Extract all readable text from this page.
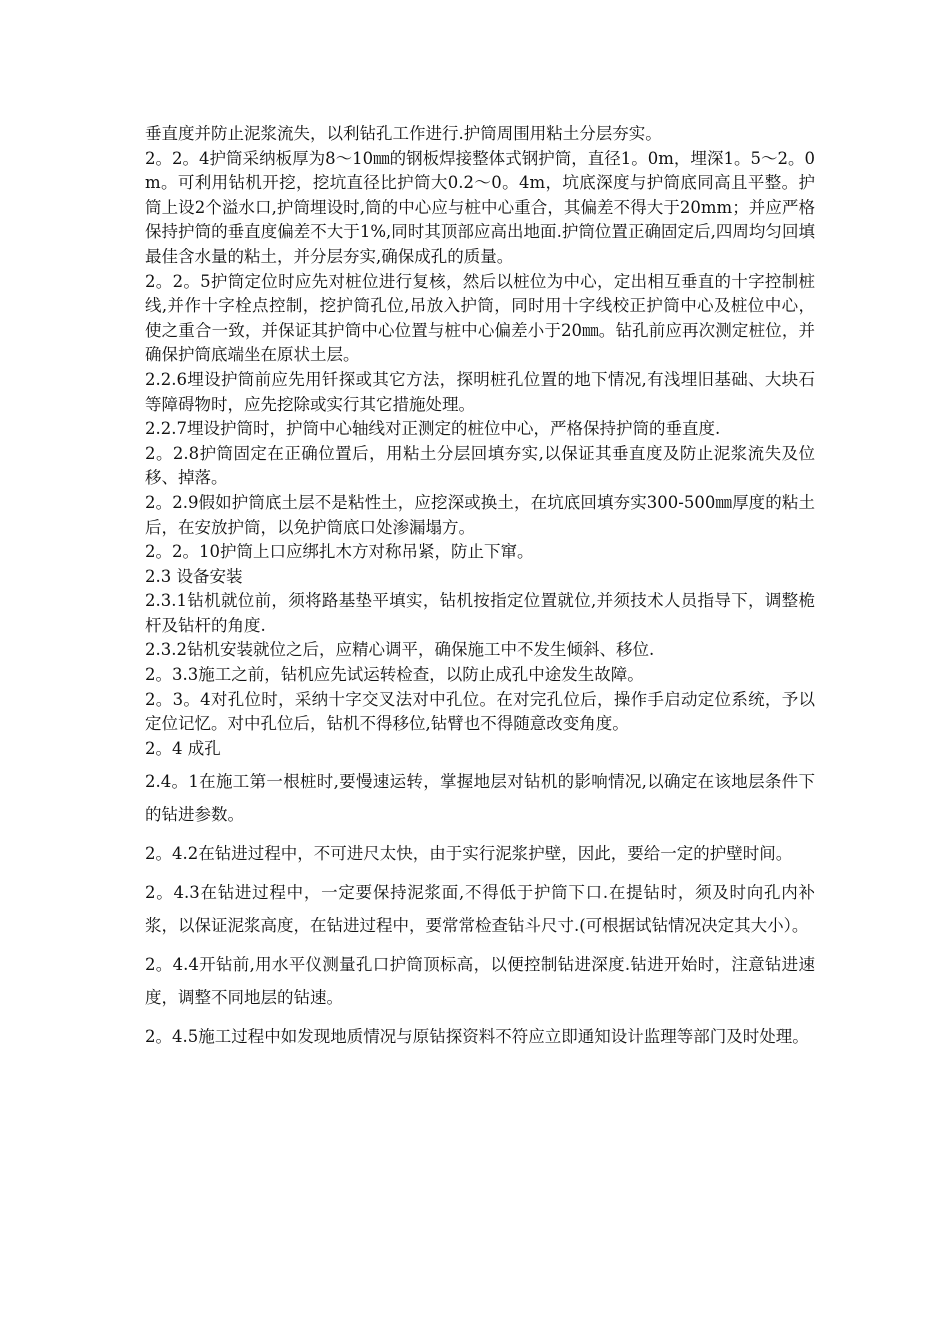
垂直度并防止泥浆流失，以利钻孔工作进行.护筒周围用粘土分层夯实。

2。2。4护筒采纳板厚为8～10㎜的钢板焊接整体式钢护筒，直径1。0m，埋深1。5～2。0m。可利用钻机开挖，挖坑直径比护筒大0.2～0。4m，坑底深度与护筒底同高且平整。护筒上设2个溢水口,护筒埋设时,筒的中心应与桩中心重合，其偏差不得大于20mm；并应严格保持护筒的垂直度偏差不大于1%,同时其顶部应高出地面.护筒位置正确固定后,四周均匀回填最佳含水量的粘土，并分层夯实,确保成孔的质量。

2。2。5护筒定位时应先对桩位进行复核，然后以桩位为中心，定出相互垂直的十字控制桩线,并作十字栓点控制，挖护筒孔位,吊放入护筒，同时用十字线校正护筒中心及桩位中心，使之重合一致，并保证其护筒中心位置与桩中心偏差小于20㎜。钻孔前应再次测定桩位，并确保护筒底端坐在原状土层。

2.2.6埋设护筒前应先用钎探或其它方法，探明桩孔位置的地下情况,有浅埋旧基础、大块石等障碍物时，应先挖除或实行其它措施处理。

2.2.7埋设护筒时，护筒中心轴线对正测定的桩位中心，严格保持护筒的垂直度.

2。2.8护筒固定在正确位置后，用粘土分层回填夯实,以保证其垂直度及防止泥浆流失及位移、掉落。

2。2.9假如护筒底土层不是粘性土，应挖深或换土，在坑底回填夯实300-500㎜厚度的粘土后，在安放护筒，以免护筒底口处渗漏塌方。

2。2。10护筒上口应绑扎木方对称吊紧，防止下窜。

2.3 设备安装

2.3.1钻机就位前，须将路基垫平填实，钻机按指定位置就位,并须技术人员指导下，调整桅杆及钻杆的角度.

2.3.2钻机安装就位之后，应精心调平，确保施工中不发生倾斜、移位.

2。3.3施工之前，钻机应先试运转检查，以防止成孔中途发生故障。

2。3。4对孔位时，采纳十字交叉法对中孔位。在对完孔位后，操作手启动定位系统，予以定位记忆。对中孔位后，钻机不得移位,钻臂也不得随意改变角度。

2。4 成孔

2.4。1在施工第一根桩时,要慢速运转，掌握地层对钻机的影响情况,以确定在该地层条件下的钻进参数。

2。4.2在钻进过程中，不可进尺太快，由于实行泥浆护壁，因此，要给一定的护壁时间。

2。4.3在钻进过程中，一定要保持泥浆面,不得低于护筒下口.在提钻时，须及时向孔内补浆，以保证泥浆高度，在钻进过程中，要常常检查钻斗尺寸.(可根据试钻情况决定其大小）。

2。4.4开钻前,用水平仪测量孔口护筒顶标高，以便控制钻进深度.钻进开始时，注意钻进速度，调整不同地层的钻速。

2。4.5施工过程中如发现地质情况与原钻探资料不符应立即通知设计监理等部门及时处理。
